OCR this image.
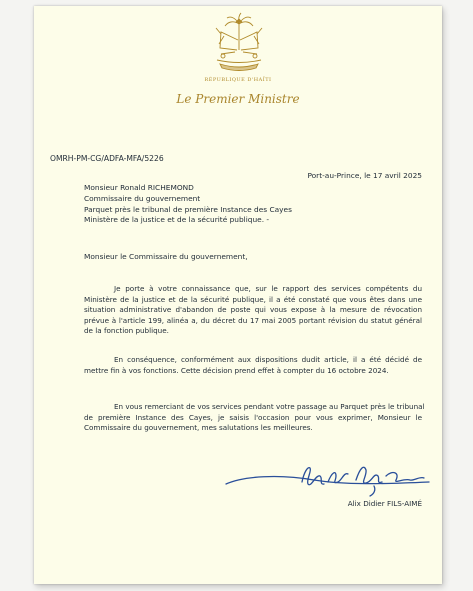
RÉPUBLIQUE D'HAÏTI
Le Premier Ministre
OMRH-PM-CG/ADFA-MFA/5226
Port-au-Prince, le 17 avril 2025
Monsieur Ronald RICHEMOND
Commissaire du gouvernement
Parquet près le tribunal de première Instance des Cayes
Ministère de la justice et de la sécurité publique. -
Monsieur le Commissaire du gouvernement,
Je porte à votre connaissance que, sur le rapport des services compétents du
Ministère de la justice et de la sécurité publique, il a été constaté que vous êtes dans une
situation administrative d'abandon de poste qui vous expose à la mesure de révocation
prévue à l'article 199, alinéa a, du décret du 17 mai 2005 portant révision du statut général
de la fonction publique.
En conséquence, conformément aux dispositions dudit article, il a été décidé de
mettre fin à vos fonctions. Cette décision prend effet à compter du 16 octobre 2024.
En vous remerciant de vos services pendant votre passage au Parquet près le tribunal
de première Instance des Cayes, je saisis l'occasion pour vous exprimer, Monsieur le
Commissaire du gouvernement, mes salutations les meilleures.
Alix Didier FILS-AIMÉ
